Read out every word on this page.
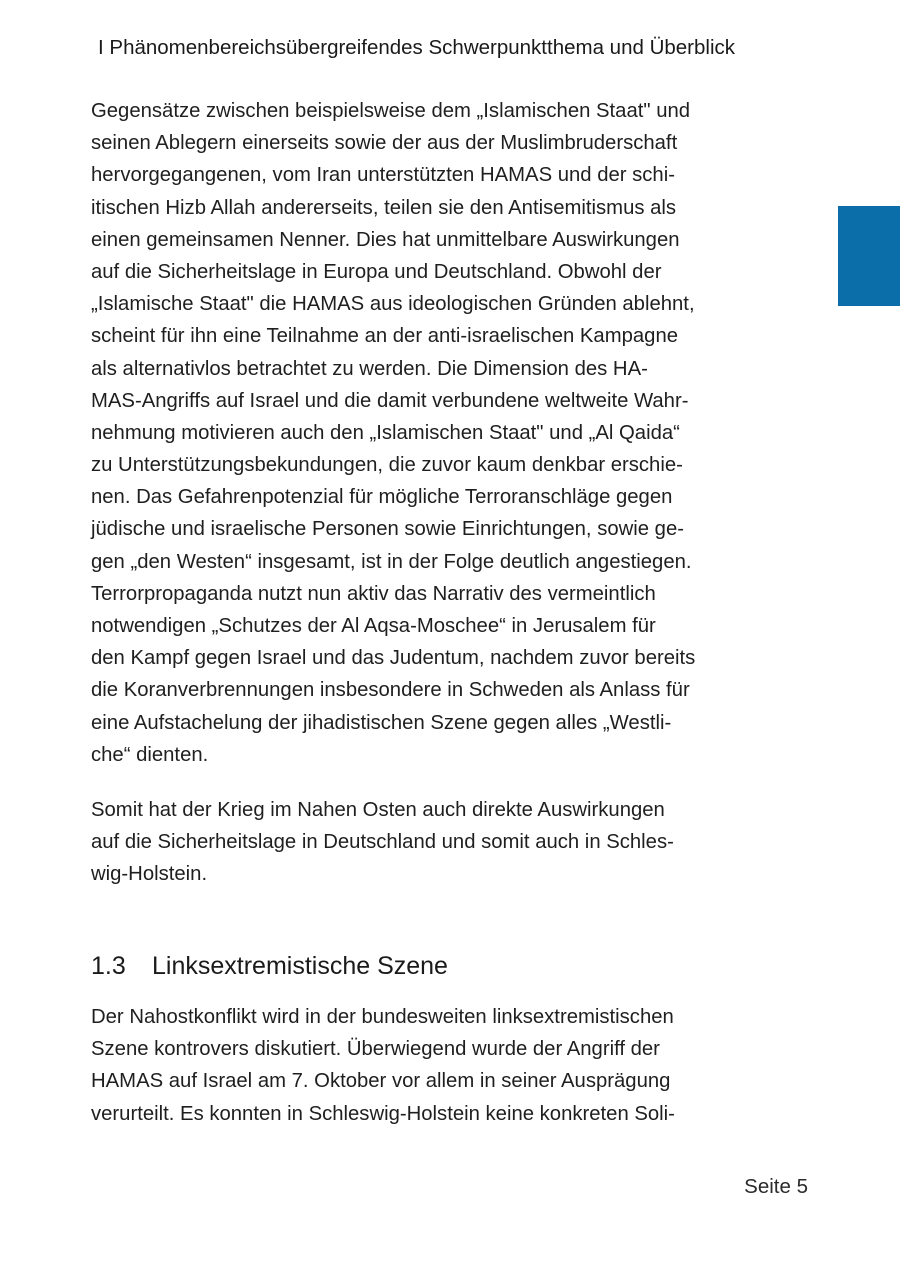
I Phänomenbereichsübergreifendes Schwerpunktthema und Überblick
Gegensätze zwischen beispielsweise dem „Islamischen Staat" und
seinen Ablegern einerseits sowie der aus der Muslimbruderschaft
hervorgegangenen, vom Iran unterstützten HAMAS und der schi-
itischen Hizb Allah andererseits, teilen sie den Antisemitismus als
einen gemeinsamen Nenner. Dies hat unmittelbare Auswirkungen
auf die Sicherheitslage in Europa und Deutschland. Obwohl der
„Islamische Staat" die HAMAS aus ideologischen Gründen ablehnt,
scheint für ihn eine Teilnahme an der anti-israelischen Kampagne
als alternativlos betrachtet zu werden. Die Dimension des HA-
MAS-Angriffs auf Israel und die damit verbundene weltweite Wahr-
nehmung motivieren auch den „Islamischen Staat" und „Al Qaida“
zu Unterstützungsbekundungen, die zuvor kaum denkbar erschie-
nen. Das Gefahrenpotenzial für mögliche Terroranschläge gegen
jüdische und israelische Personen sowie Einrichtungen, sowie ge-
gen „den Westen“ insgesamt, ist in der Folge deutlich angestiegen.
Terrorpropaganda nutzt nun aktiv das Narrativ des vermeintlich
notwendigen „Schutzes der Al Aqsa-Moschee“ in Jerusalem für
den Kampf gegen Israel und das Judentum, nachdem zuvor bereits
die Koranverbrennungen insbesondere in Schweden als Anlass für
eine Aufstachelung der jihadistischen Szene gegen alles „Westli-
che“ dienten.
Somit hat der Krieg im Nahen Osten auch direkte Auswirkungen
auf die Sicherheitslage in Deutschland und somit auch in Schles-
wig-Holstein.
1.3 Linksextremistische Szene
Der Nahostkonflikt wird in der bundesweiten linksextremistischen
Szene kontrovers diskutiert. Überwiegend wurde der Angriff der
HAMAS auf Israel am 7. Oktober vor allem in seiner Ausprägung
verurteilt. Es konnten in Schleswig-Holstein keine konkreten Soli-
Seite 5
